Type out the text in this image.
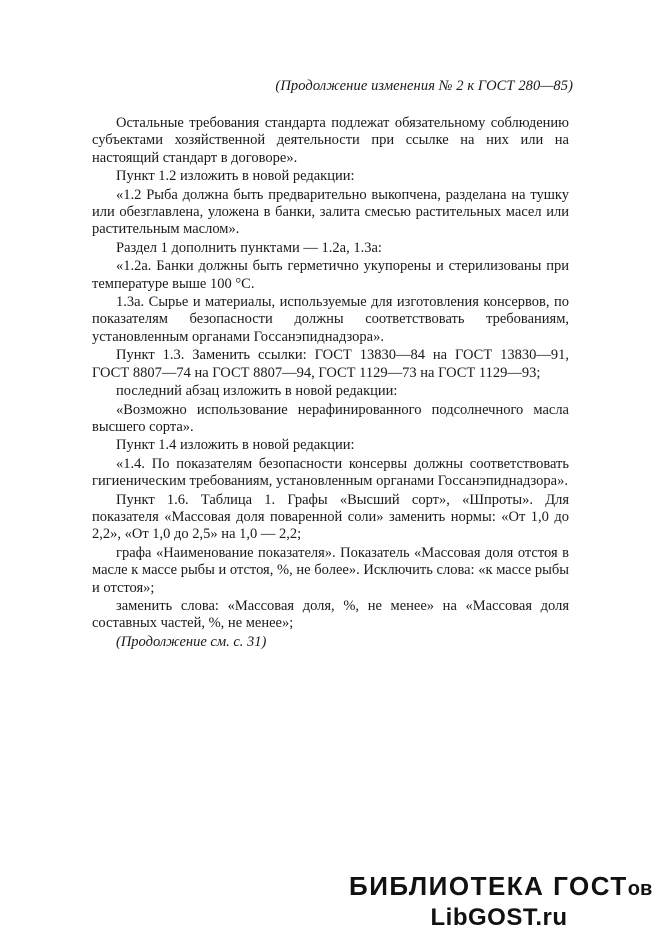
(Продолжение изменения № 2 к ГОСТ 280—85)

Остальные требования стандарта подлежат обязательному соблюдению субъектами хозяйственной деятельности при ссылке на них или на настоящий стандарт в договоре».

Пункт 1.2 изложить в новой редакции:

«1.2 Рыба должна быть предварительно выкопчена, разделана на тушку или обезглавлена, уложена в банки, залита смесью растительных масел или растительным маслом».

Раздел 1 дополнить пунктами — 1.2а, 1.3а:

«1.2а. Банки должны быть герметично укупорены и стерилизованы при температуре выше 100 °С.

1.3а. Сырье и материалы, используемые для изготовления консервов, по показателям безопасности должны соответствовать требованиям, установленным органами Госсанэпиднадзора».

Пункт 1.3. Заменить ссылки: ГОСТ 13830—84 на ГОСТ 13830—91, ГОСТ 8807—74 на ГОСТ 8807—94, ГОСТ 1129—73 на ГОСТ 1129—93;

последний абзац изложить в новой редакции:

«Возможно использование нерафинированного подсолнечного масла высшего сорта».

Пункт 1.4 изложить в новой редакции:

«1.4. По показателям безопасности консервы должны соответствовать гигиеническим требованиям, установленным органами Госсанэпиднадзора».

Пункт 1.6. Таблица 1. Графы «Высший сорт», «Шпроты». Для показателя «Массовая доля поваренной соли» заменить нормы: «От 1,0 до 2,2», «От 1,0 до 2,5» на 1,0 — 2,2;

графа «Наименование показателя». Показатель «Массовая доля отстоя в масле к массе рыбы и отстоя, %, не более». Исключить слова: «к массе рыбы и отстоя»;

заменить слова: «Массовая доля, %, не менее» на «Массовая доля составных частей, %, не менее»;

(Продолжение см. с. 31)

БИБЛИОТЕКА ГОСТов
LibGOST.ru
